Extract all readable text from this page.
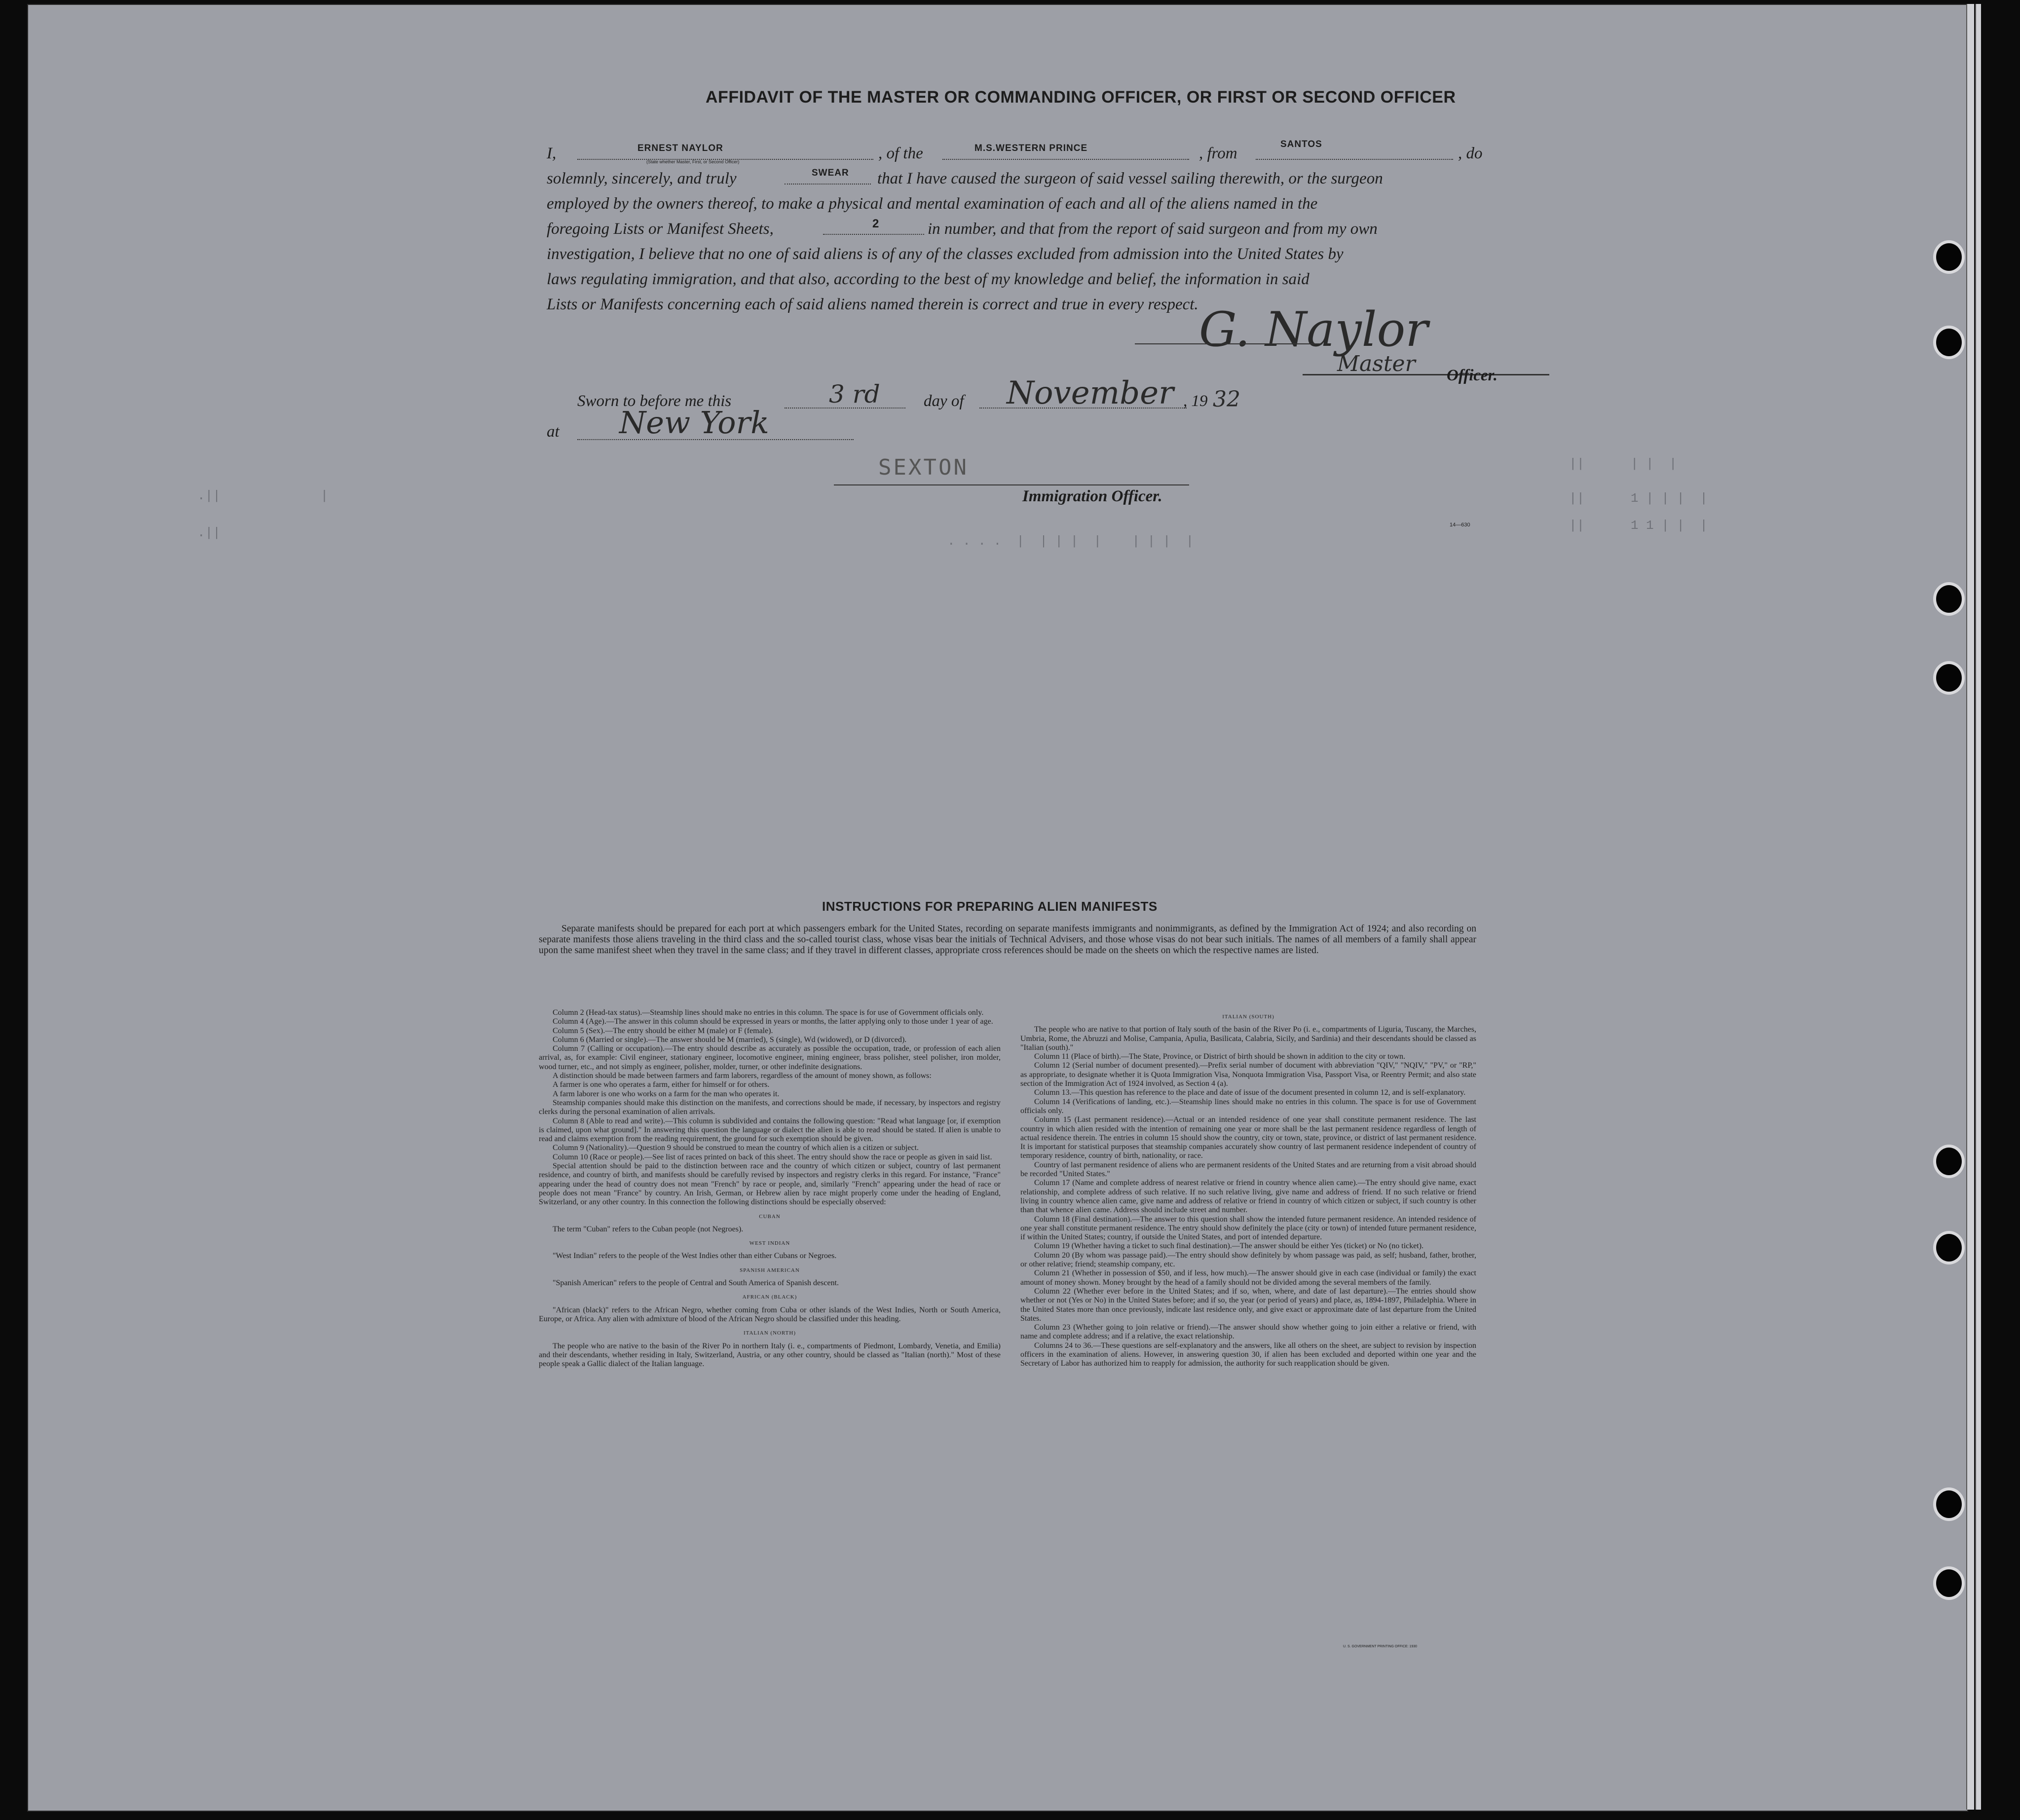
AFFIDAVIT OF THE MASTER OR COMMANDING OFFICER, OR FIRST OR SECOND OFFICER
I,	ERNEST NAYLOR
(State whether Master, First, or Second Officer)	, of the	M.S.WESTERN PRINCE	, from
SANTOS
, do
solemnly, sincerely, and truly	SWEAR that I have caused the surgeon of said vessel sailing therewith, or the surgeon
employed by the owners thereof, to make a physical and mental examination of each and all of the aliens named in the
foregoing Lists or Manifest Sheets,	2	in number, and that from the report of said surgeon and from my own
investigation, I believe that no one of said aliens is of any of the classes excluded from admission into the United States by
laws regulating immigration, and that also, according to the best of my knowledge and belief, the information in said
Lists or Manifests concerning each of said aliens named therein is correct and true in every respect. G. Naylor
Master Officer.
Sworn to before me this	3 rd	day of November , 19 32
at New York
SEXTON
Immigration Officer.
14—630
.||             |
.||
||      | |  |
||      1 | | |  |
||      1 1 | |  |
. . . .  |  | | |  |    | | |  |
INSTRUCTIONS FOR PREPARING ALIEN MANIFESTS
Separate manifests should be prepared for each port at which passengers embark for the United States, recording on separate manifests immigrants and nonimmigrants, as defined by the Immigration Act of 1924; and also recording on separate manifests those aliens traveling in the third class and the so-called tourist class, whose visas bear the initials of Technical Advisers, and those whose visas do not bear such initials. The names of all members of a family shall appear upon the same manifest sheet when they travel in the same class; and if they travel in different classes, appropriate cross references should be made on the sheets on which the respective names are listed.

Column 2 (Head-tax status).—Steamship lines should make no entries in this column. The space is for use of Government officials only.

Column 4 (Age).—The answer in this column should be expressed in years or months, the latter applying only to those under 1 year of age.

Column 5 (Sex).—The entry should be either M (male) or F (female).

Column 6 (Married or single).—The answer should be M (married), S (single), Wd (widowed), or D (divorced).

Column 7 (Calling or occupation).—The entry should describe as accurately as possible the occupation, trade, or profession of each alien arrival, as, for example: Civil engineer, stationary engineer, locomotive engineer, mining engineer, brass polisher, steel polisher, iron molder, wood turner, etc., and not simply as engineer, polisher, molder, turner, or other indefinite designations.

A distinction should be made between farmers and farm laborers, regardless of the amount of money shown, as follows:

A farmer is one who operates a farm, either for himself or for others.

A farm laborer is one who works on a farm for the man who operates it.

Steamship companies should make this distinction on the manifests, and corrections should be made, if necessary, by inspectors and registry clerks during the personal examination of alien arrivals.

Column 8 (Able to read and write).—This column is subdivided and contains the following question: "Read what language [or, if exemption is claimed, upon what ground]." In answering this question the language or dialect the alien is able to read should be stated. If alien is unable to read and claims exemption from the reading requirement, the ground for such exemption should be given.

Column 9 (Nationality).—Question 9 should be construed to mean the country of which alien is a citizen or subject.

Column 10 (Race or people).—See list of races printed on back of this sheet. The entry should show the race or people as given in said list.

Special attention should be paid to the distinction between race and the country of which citizen or subject, country of last permanent residence, and country of birth, and manifests should be carefully revised by inspectors and registry clerks in this regard. For instance, "France" appearing under the head of country does not mean "French" by race or people, and, similarly "French" appearing under the head of race or people does not mean "France" by country. An Irish, German, or Hebrew alien by race might properly come under the heading of England, Switzerland, or any other country. In this connection the following distinctions should be especially observed:

CUBAN

The term "Cuban" refers to the Cuban people (not Negroes).

WEST INDIAN

"West Indian" refers to the people of the West Indies other than either Cubans or Negroes.

SPANISH AMERICAN

"Spanish American" refers to the people of Central and South America of Spanish descent.

AFRICAN (BLACK)

"African (black)" refers to the African Negro, whether coming from Cuba or other islands of the West Indies, North or South America, Europe, or Africa. Any alien with admixture of blood of the African Negro should be classified under this heading.

ITALIAN (NORTH)

The people who are native to the basin of the River Po in northern Italy (i. e., compartments of Piedmont, Lombardy, Venetia, and Emilia) and their descendants, whether residing in Italy, Switzerland, Austria, or any other country, should be classed as "Italian (north)." Most of these people speak a Gallic dialect of the Italian language.

ITALIAN (SOUTH)

The people who are native to that portion of Italy south of the basin of the River Po (i. e., compartments of Liguria, Tuscany, the Marches, Umbria, Rome, the Abruzzi and Molise, Campania, Apulia, Basilicata, Calabria, Sicily, and Sardinia) and their descendants should be classed as "Italian (south)."

Column 11 (Place of birth).—The State, Province, or District of birth should be shown in addition to the city or town.

Column 12 (Serial number of document presented).—Prefix serial number of document with abbreviation "QIV," "NQIV," "PV," or "RP," as appropriate, to designate whether it is Quota Immigration Visa, Nonquota Immigration Visa, Passport Visa, or Reentry Permit; and also state section of the Immigration Act of 1924 involved, as Section 4 (a).

Column 13.—This question has reference to the place and date of issue of the document presented in column 12, and is self-explanatory.

Column 14 (Verifications of landing, etc.).—Steamship lines should make no entries in this column. The space is for use of Government officials only.

Column 15 (Last permanent residence).—Actual or an intended residence of one year shall constitute permanent residence. The last country in which alien resided with the intention of remaining one year or more shall be the last permanent residence regardless of length of actual residence therein. The entries in column 15 should show the country, city or town, state, province, or district of last permanent residence. It is important for statistical purposes that steamship companies accurately show country of last permanent residence independent of country of temporary residence, country of birth, nationality, or race.

Country of last permanent residence of aliens who are permanent residents of the United States and are returning from a visit abroad should be recorded "United States."

Column 17 (Name and complete address of nearest relative or friend in country whence alien came).—The entry should give name, exact relationship, and complete address of such relative. If no such relative living, give name and address of friend. If no such relative or friend living in country whence alien came, give name and address of relative or friend in country of which citizen or subject, if such country is other than that whence alien came. Address should include street and number.

Column 18 (Final destination).—The answer to this question shall show the intended future permanent residence. An intended residence of one year shall constitute permanent residence. The entry should show definitely the place (city or town) of intended future permanent residence, if within the United States; country, if outside the United States, and port of intended departure.

Column 19 (Whether having a ticket to such final destination).—The answer should be either Yes (ticket) or No (no ticket).

Column 20 (By whom was passage paid).—The entry should show definitely by whom passage was paid, as self; husband, father, brother, or other relative; friend; steamship company, etc.

Column 21 (Whether in possession of $50, and if less, how much).—The answer should give in each case (individual or family) the exact amount of money shown. Money brought by the head of a family should not be divided among the several members of the family.

Column 22 (Whether ever before in the United States; and if so, when, where, and date of last departure).—The entries should show whether or not (Yes or No) in the United States before; and if so, the year (or period of years) and place, as, 1894-1897, Philadelphia. Where in the United States more than once previously, indicate last residence only, and give exact or approximate date of last departure from the United States.

Column 23 (Whether going to join relative or friend).—The answer should show whether going to join either a relative or friend, with name and complete address; and if a relative, the exact relationship.

Columns 24 to 36.—These questions are self-explanatory and the answers, like all others on the sheet, are subject to revision by inspection officers in the examination of aliens. However, in answering question 30, if alien has been excluded and deported within one year and the Secretary of Labor has authorized him to reapply for admission, the authority for such reapplication should be given.

U. S. GOVERNMENT PRINTING OFFICE: 1930
